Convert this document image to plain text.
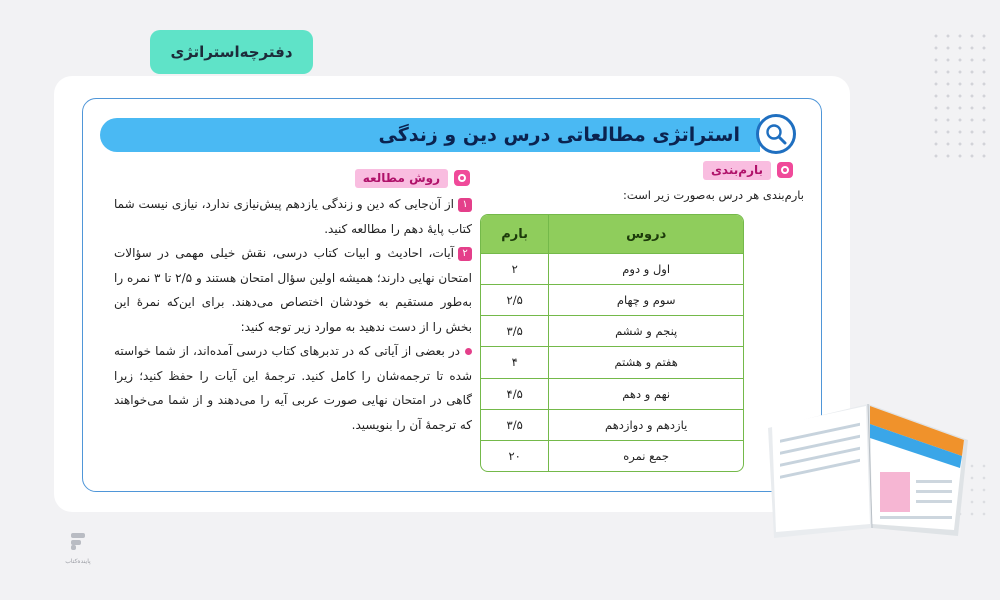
دفترچه‌استراتژی
استراتژی مطالعاتی درس دین و زندگی
بارم‌بندی
بارم‌بندی هر درس به‌صورت زیر است:
دروس	بارم
اول و دوم	۲
سوم و چهام	۲/۵
پنجم و ششم	۳/۵
هفتم و هشتم	۴
نهم و دهم	۴/۵
یازدهم و دوازدهم	۳/۵
جمع نمره	۲۰
روش مطالعه

۱از آن‌جایی که دین و زندگی یازدهم پیش‌نیازی ندارد، نیازی نیست شما کتاب پایهٔ دهم را مطالعه کنید.

۲آیات، احادیث و ابیات کتاب درسی، نقش خیلی مهمی در سؤالات امتحان نهایی دارند؛ همیشه اولین سؤال امتحان هستند و ۲/۵ تا ۳ نمره را به‌طور مستقیم به خودشان اختصاص می‌دهند. برای این‌که نمرهٔ این بخش را از دست ندهید به موارد زیر توجه کنید:

در بعضی از آیاتی که در تدبرهای کتاب درسی آمده‌اند، از شما خواسته شده تا ترجمه‌شان را کامل کنید. ترجمهٔ این آیات را حفظ کنید؛ زیرا گاهی در امتحان نهایی صورت عربی آیه را می‌دهند و از شما می‌خواهند که ترجمهٔ آن را بنویسید.

پاینده‌کتاب
